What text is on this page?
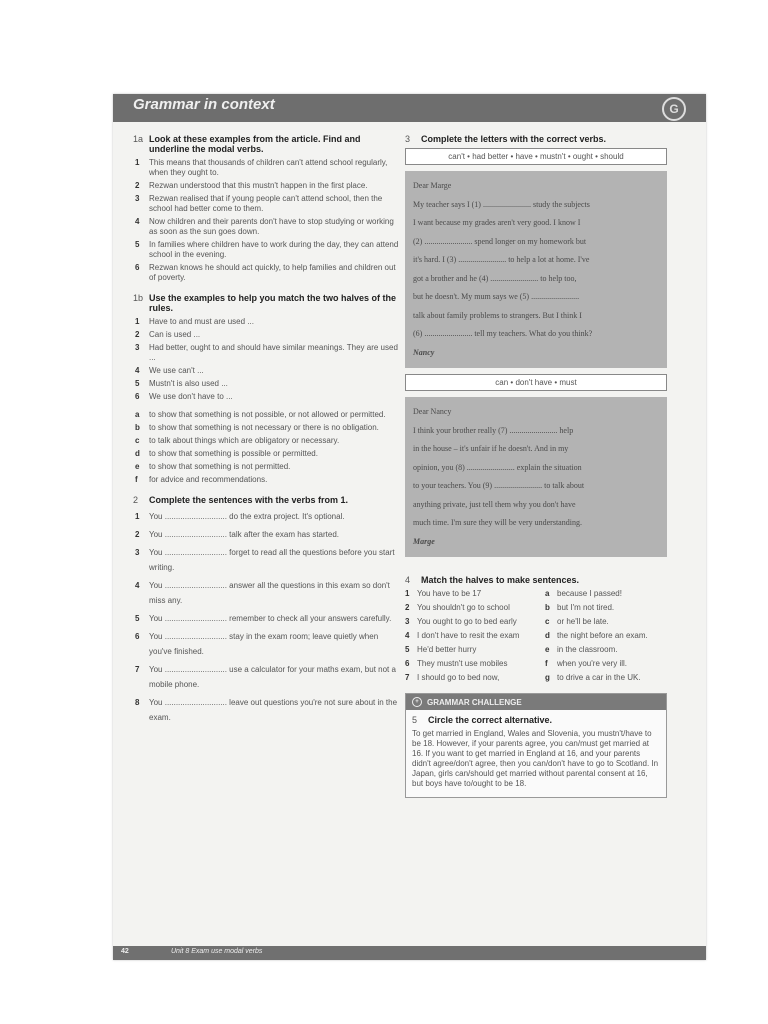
Grammar in context	G
1a Look at these examples from the article. Find and underline the modal verbs.
1	This means that thousands of children can't attend school regularly, when they ought to.
2	Rezwan understood that this mustn't happen in the first place.
3	Rezwan realised that if young people can't attend school, then the school had better come to them.
4	Now children and their parents don't have to stop studying or working as soon as the sun goes down.
5	In families where children have to work during the day, they can attend school in the evening.
6	Rezwan knows he should act quickly, to help families and children out of poverty.
1b Use the examples to help you match the two halves of the rules.
1	Have to and must are used ...
2	Can is used ...
3	Had better, ought to and should have similar meanings. They are used ...
4	We use can't ...
5	Mustn't is also used ...
6	We use don't have to ...
a	to show that something is not possible, or not allowed or permitted.
b	to show that something is not necessary or there is no obligation.
c	to talk about things which are obligatory or necessary.
d	to show that something is possible or permitted.
e	to show that something is not permitted.
f	for advice and recommendations.
2	Complete the sentences with the verbs from 1.
1	You ............................ do the extra project. It's optional.
2	You ............................ talk after the exam has started.
3	You ............................ forget to read all the questions before you start writing.
4	You ............................ answer all the questions in this exam so don't miss any.
5	You ............................ remember to check all your answers carefully.
6	You ............................ stay in the exam room; leave quietly when you've finished.
7	You ............................ use a calculator for your maths exam, but not a mobile phone.
8	You ............................ leave out questions you're not sure about in the exam.
3	Complete the letters with the correct verbs.
can't • had better • have • mustn't • ought • should
Dear Marge
My teacher says I (1) ........................ study the subjects
I want because my grades aren't very good. I know I
(2) ........................ spend longer on my homework but
it's hard. I (3) ........................ to help a lot at home. I've
got a brother and he (4) ........................ to help too,
but he doesn't. My mum says we (5) ........................
talk about family problems to strangers. But I think I
(6) ........................ tell my teachers. What do you think?
Nancy
can • don't have • must
Dear Nancy
I think your brother really (7) ........................ help
in the house – it's unfair if he doesn't. And in my
opinion, you (8) ........................ explain the situation
to your teachers. You (9) ........................ to talk about
anything private, just tell them why you don't have
much time. I'm sure they will be very understanding.
Marge
4	Match the halves to make sentences.
1 You have to be 17	a because I passed!
2 You shouldn't go to school	b but I'm not tired.
3 You ought to go to bed early	c or he'll be late.
4 I don't have to resit the exam	d the night before an exam.
5 He'd better hurry	e in the classroom.
6 They mustn't use mobiles	f	when you're very ill.
7 I should go to bed now,	g to drive a car in the UK.
+	GRAMMAR CHALLENGE
5	Circle the correct alternative.
To get married in England, Wales and Slovenia, you mustn't/have to be 18. However, if your parents agree, you can/must get married at 16. If you want to get married in England at 16, and your parents didn't agree/don't agree, then you can/don't have to go to Scotland. In Japan, girls can/should get married without parental consent at 16, but boys have to/ought to be 18.
42	Unit 8 Exam use modal verbs
